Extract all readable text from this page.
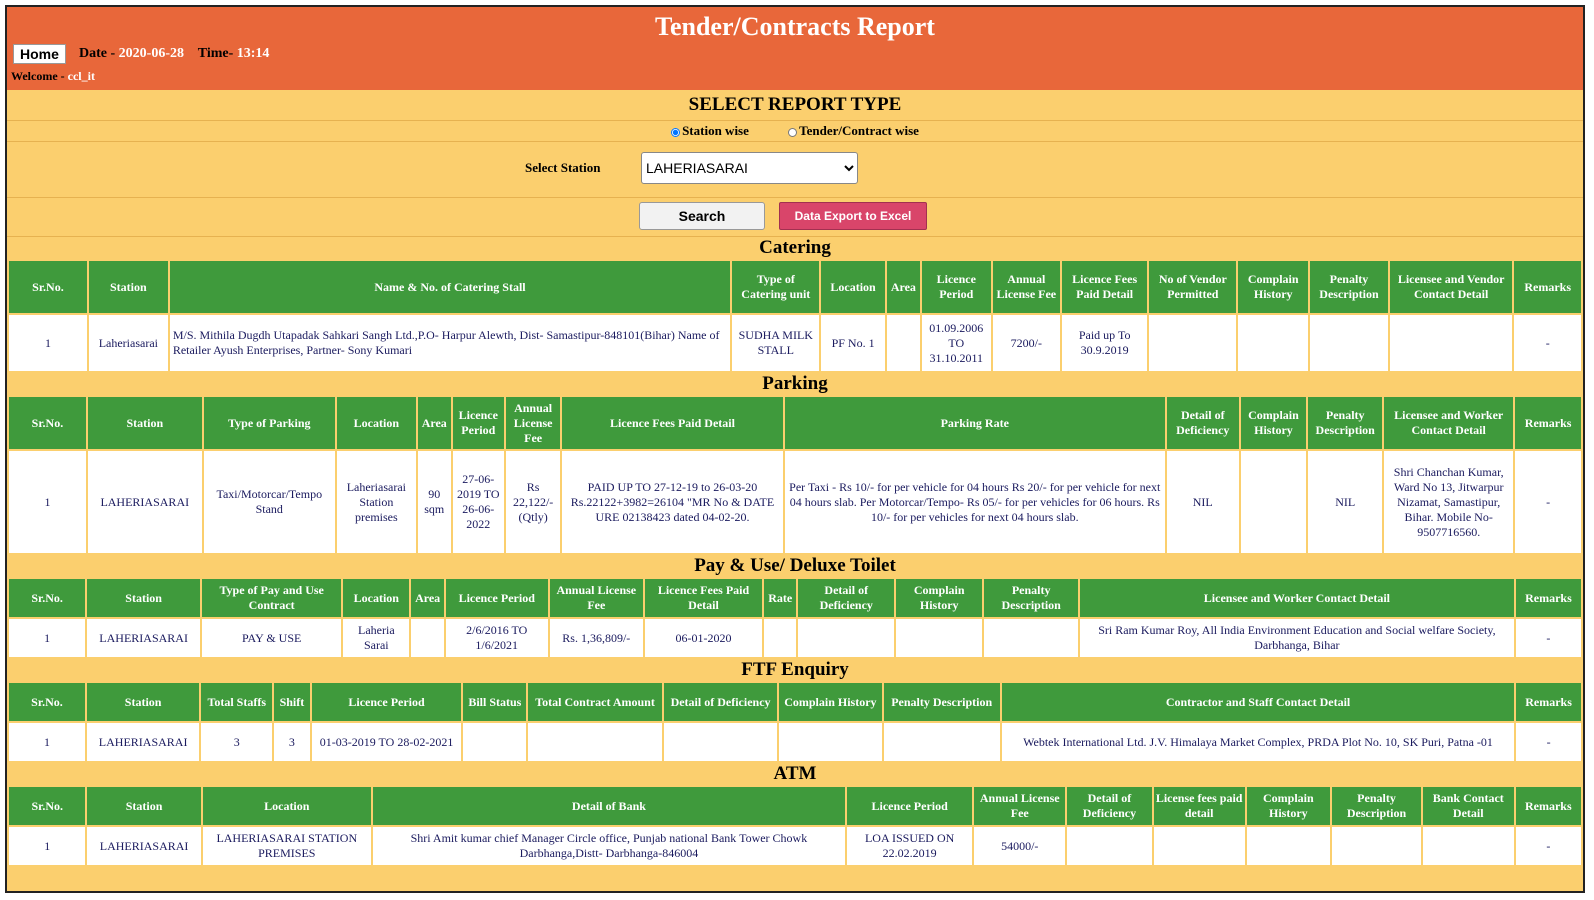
Tender/Contracts Report
Home	Date - 2020-06-28 Time- 13:14
Welcome - ccl_it
SELECT REPORT TYPE
Station wise	Tender/Contract wise
Select Station
LAHERIASARAI
Search	Data Export to Excel
Catering
Sr.No.	Station	Name & No. of Catering Stall	Type of Catering unit	Location	Area	Licence Period	Annual License Fee	Licence Fees Paid Detail	No of Vendor Permitted	Complain History	Penalty Description	Licensee and Vendor Contact Detail	Remarks
1	Laheriasarai	M/S. Mithila Dugdh Utapadak Sahkari Sangh Ltd.,P.O- Harpur Alewth, Dist- Samastipur-848101(Bihar) Name of Retailer Ayush Enterprises, Partner- Sony Kumari	SUDHA MILK STALL	PF No. 1		01.09.2006 TO 31.10.2011	7200/-	Paid up To 30.9.2019					-
Parking
Sr.No.	Station	Type of Parking	Location	Area	Licence Period	Annual License Fee	Licence Fees Paid Detail	Parking Rate	Detail of Deficiency	Complain History	Penalty Description	Licensee and Worker Contact Detail	Remarks
1	LAHERIASARAI	Taxi/Motorcar/Tempo Stand	Laheriasarai Station premises	90 sqm	27-06-2019 TO 26-06-2022	Rs 22,122/-(Qtly)	PAID UP TO 27-12-19 to 26-03-20 Rs.22122+3982=26104 "MR No & DATE URE 02138423 dated 04-02-20.	Per Taxi - Rs 10/- for per vehicle for 04 hours Rs 20/- for per vehicle for next 04 hours slab. Per Motorcar/Tempo- Rs 05/- for per vehicles for 06 hours. Rs 10/- for per vehicles for next 04 hours slab.	NIL		NIL	Shri Chanchan Kumar, Ward No 13, Jitwarpur Nizamat, Samastipur, Bihar. Mobile No- 9507716560.	-
Pay & Use/ Deluxe Toilet
Sr.No.	Station	Type of Pay and Use Contract	Location	Area	Licence Period	Annual License Fee	Licence Fees Paid Detail	Rate	Detail of Deficiency	Complain History	Penalty Description	Licensee and Worker Contact Detail	Remarks
1	LAHERIASARAI	PAY & USE	Laheria Sarai		2/6/2016 TO 1/6/2021	Rs. 1,36,809/-	06-01-2020					Sri Ram Kumar Roy, All India Environment Education and Social welfare Society, Darbhanga, Bihar	-
FTF Enquiry
Sr.No.	Station	Total Staffs	Shift	Licence Period	Bill Status	Total Contract Amount	Detail of Deficiency	Complain History	Penalty Description	Contractor and Staff Contact Detail	Remarks
1	LAHERIASARAI	3	3	01-03-2019 TO 28-02-2021						Webtek International Ltd. J.V. Himalaya Market Complex, PRDA Plot No. 10, SK Puri, Patna -01	-
ATM
Sr.No.	Station	Location	Detail of Bank	Licence Period	Annual License Fee	Detail of Deficiency	License fees paid detail	Complain History	Penalty Description	Bank Contact Detail	Remarks
1	LAHERIASARAI	LAHERIASARAI STATION PREMISES	Shri Amit kumar chief Manager Circle office, Punjab national Bank Tower Chowk Darbhanga,Distt- Darbhanga-846004	LOA ISSUED ON 22.02.2019	54000/-						-
